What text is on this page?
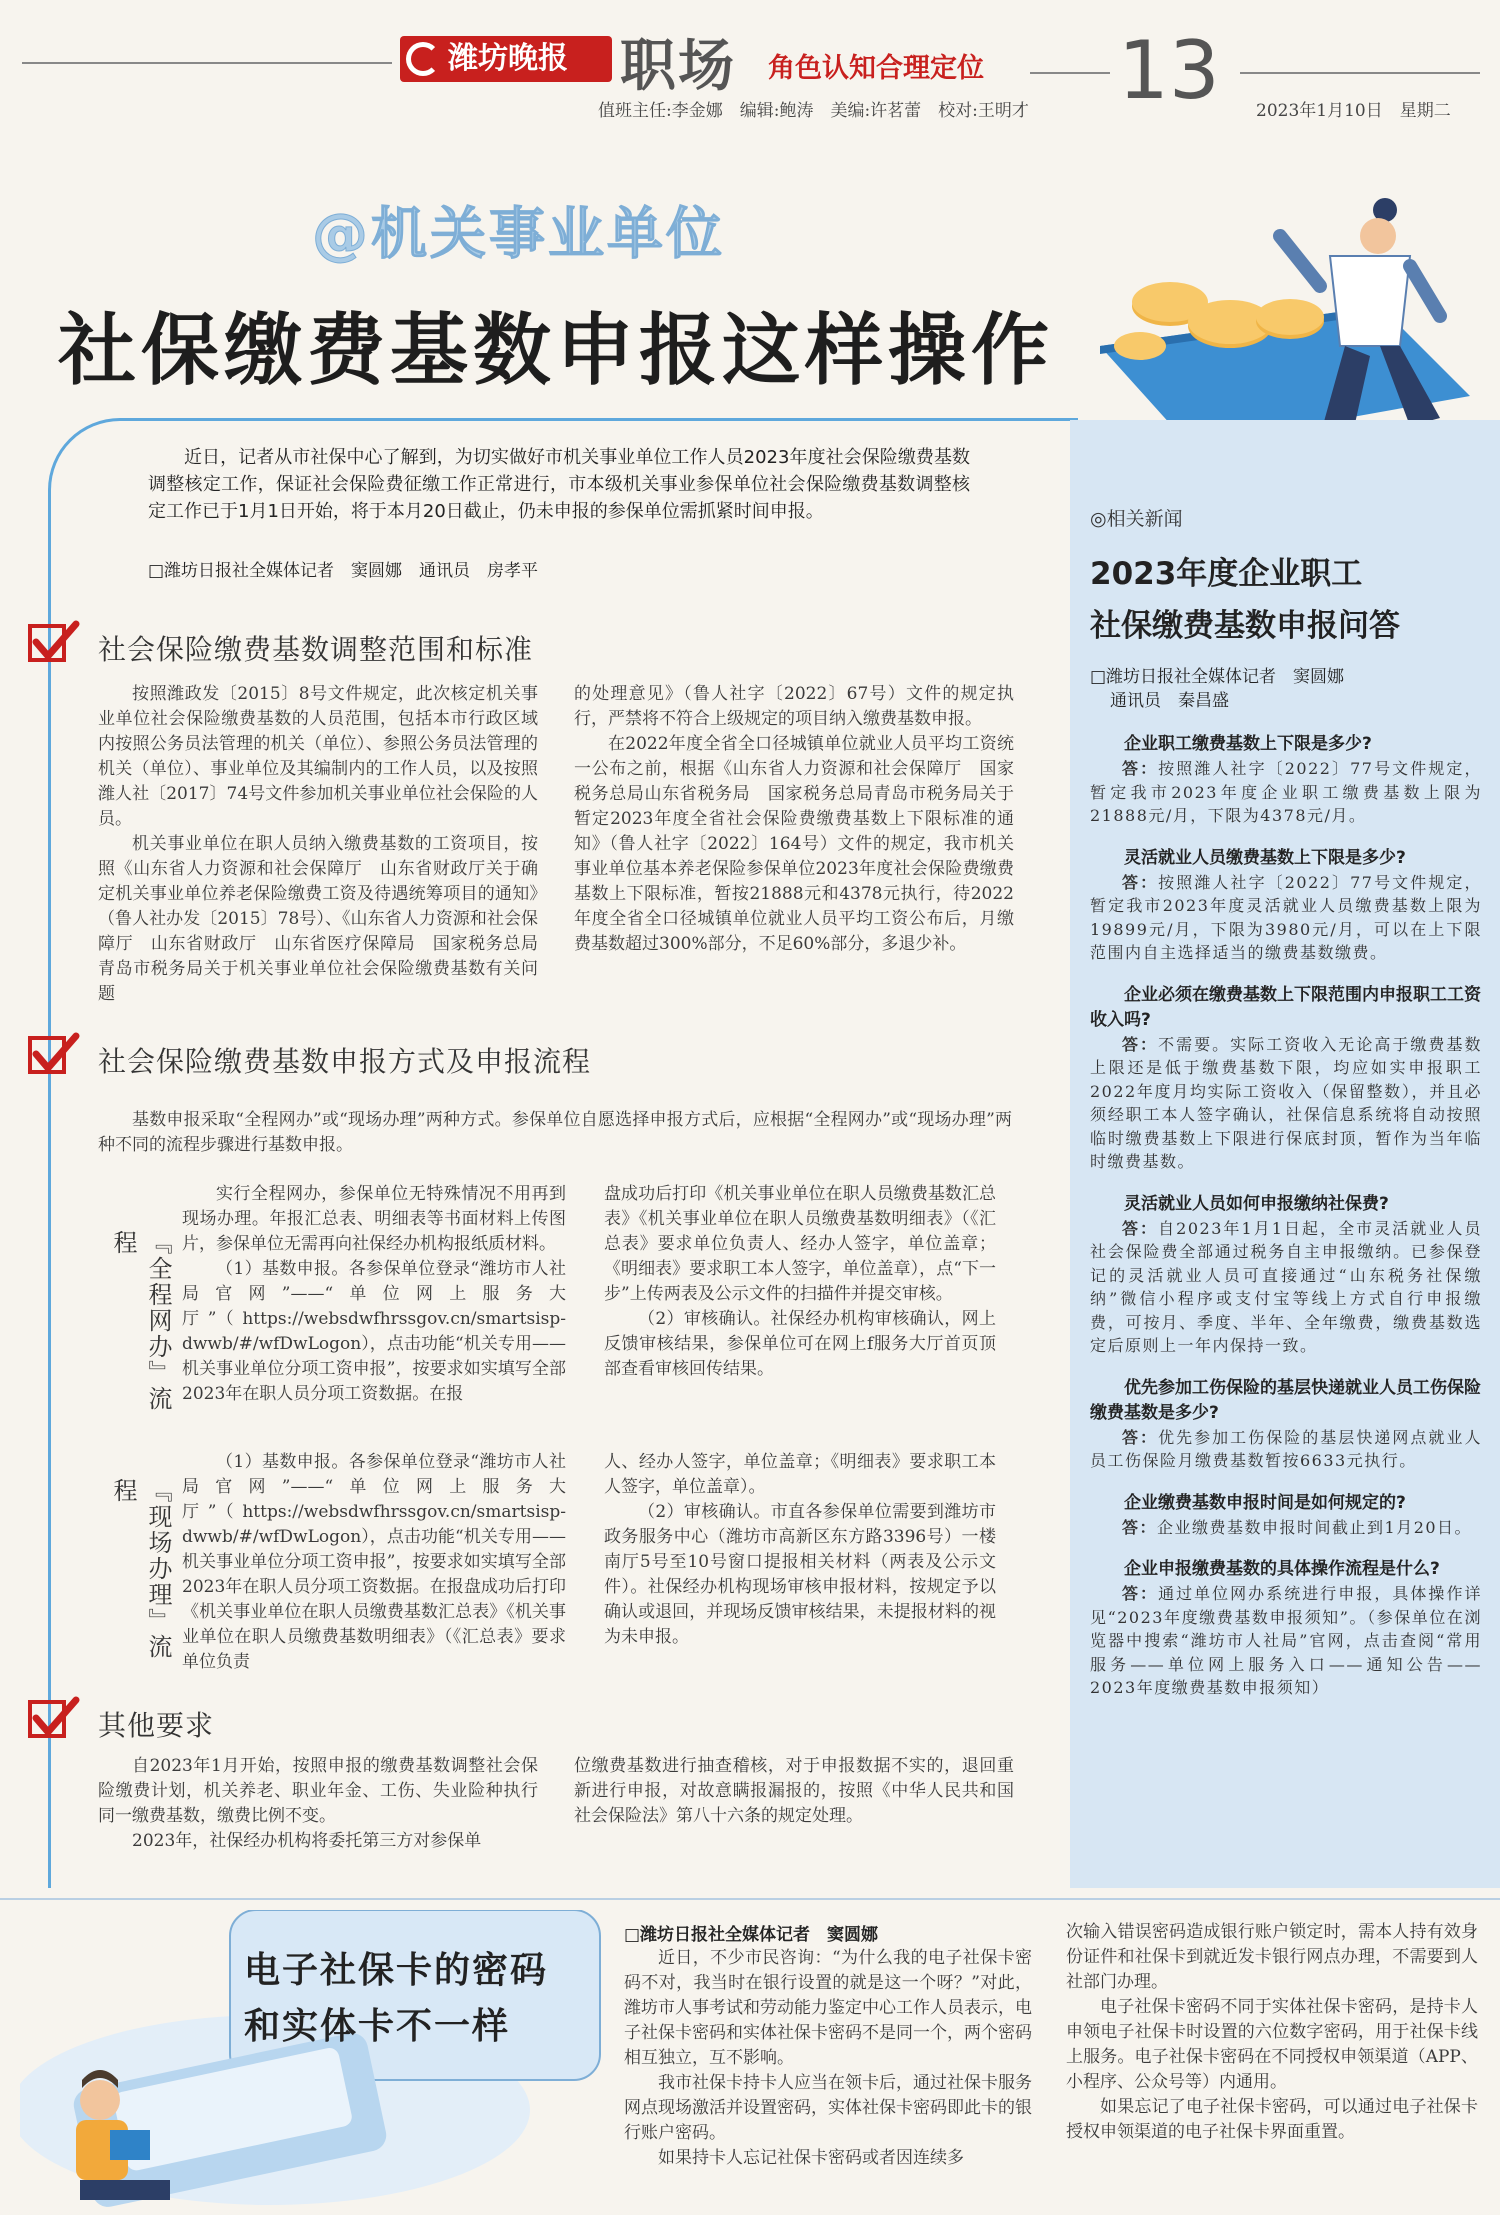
潍坊晚报 职场 角色认知合理定位 13
值班主任:李金娜　编辑:鲍涛　美编:许茗蕾　校对:王明才	2023年1月10日　星期二
@机关事业单位
社保缴费基数申报这样操作

近日，记者从市社保中心了解到，为切实做好市机关事业单位工作人员2023年度社会保险缴费基数调整核定工作，保证社会保险费征缴工作正常进行，市本级机关事业参保单位社会保险缴费基数调整核定工作已于1月1日开始，将于本月20日截止，仍未申报的参保单位需抓紧时间申报。

□潍坊日报社全媒体记者　窦圆娜　通讯员　房孝平
社会保险缴费基数调整范围和标准

按照潍政发〔2015〕8号文件规定，此次核定机关事业单位社会保险缴费基数的人员范围，包括本市行政区域内按照公务员法管理的机关（单位）、参照公务员法管理的机关（单位）、事业单位及其编制内的工作人员，以及按照潍人社〔2017〕74号文件参加机关事业单位社会保险的人员。

机关事业单位在职人员纳入缴费基数的工资项目，按照《山东省人力资源和社会保障厅　山东省财政厅关于确定机关事业单位养老保险缴费工资及待遇统筹项目的通知》（鲁人社办发〔2015〕78号）、《山东省人力资源和社会保障厅　山东省财政厅　山东省医疗保障局　国家税务总局青岛市税务局关于机关事业单位社会保险缴费基数有关问题

的处理意见》（鲁人社字〔2022〕67号）文件的规定执行，严禁将不符合上级规定的项目纳入缴费基数申报。

在2022年度全省全口径城镇单位就业人员平均工资统一公布之前，根据《山东省人力资源和社会保障厅　国家税务总局山东省税务局　国家税务总局青岛市税务局关于暂定2023年度全省社会保险费缴费基数上下限标准的通知》（鲁人社字〔2022〕164号）文件的规定，我市机关事业单位基本养老保险参保单位2023年度社会保险费缴费基数上下限标准，暂按21888元和4378元执行，待2022年度全省全口径城镇单位就业人员平均工资公布后，月缴费基数超过300%部分，不足60%部分，多退少补。

社会保险缴费基数申报方式及申报流程

基数申报采取“全程网办”或“现场办理”两种方式。参保单位自愿选择申报方式后，应根据“全程网办”或“现场办理”两种不同的流程步骤进行基数申报。

『全程网办』流程

实行全程网办，参保单位无特殊情况不用再到现场办理。年报汇总表、明细表等书面材料上传图片，参保单位无需再向社保经办机构报纸质材料。

（1）基数申报。各参保单位登录“潍坊市人社局官网”——“单位网上服务大厅”（https://websdwfhrssgov.cn/smartsisp-dwwb/#/wfDwLogon），点击功能“机关专用——机关事业单位分项工资申报”，按要求如实填写全部2023年在职人员分项工资数据。在报

盘成功后打印《机关事业单位在职人员缴费基数汇总表》《机关事业单位在职人员缴费基数明细表》（《汇总表》要求单位负责人、经办人签字，单位盖章；《明细表》要求职工本人签字，单位盖章），点“下一步”上传两表及公示文件的扫描件并提交审核。

（2）审核确认。社保经办机构审核确认，网上反馈审核结果，参保单位可在网上f服务大厅首页顶部查看审核回传结果。

『现场办理』流程

（1）基数申报。各参保单位登录“潍坊市人社局官网”——“单位网上服务大厅”（https://websdwfhrssgov.cn/smartsisp-dwwb/#/wfDwLogon），点击功能“机关专用——机关事业单位分项工资申报”，按要求如实填写全部2023年在职人员分项工资数据。在报盘成功后打印《机关事业单位在职人员缴费基数汇总表》《机关事业单位在职人员缴费基数明细表》（《汇总表》要求单位负责

人、经办人签字，单位盖章；《明细表》要求职工本人签字，单位盖章）。

（2）审核确认。市直各参保单位需要到潍坊市政务服务中心（潍坊市高新区东方路3396号）一楼南厅5号至10号窗口提报相关材料（两表及公示文件）。社保经办机构现场审核申报材料，按规定予以确认或退回，并现场反馈审核结果，未提报材料的视为未申报。

其他要求

自2023年1月开始，按照申报的缴费基数调整社会保险缴费计划，机关养老、职业年金、工伤、失业险种执行同一缴费基数，缴费比例不变。

2023年，社保经办机构将委托第三方对参保单

位缴费基数进行抽查稽核，对于申报数据不实的，退回重新进行申报，对故意瞒报漏报的，按照《中华人民共和国社会保险法》第八十六条的规定处理。

◎相关新闻
2023年度企业职工
社保缴费基数申报问答
□潍坊日报社全媒体记者　窦圆娜
通讯员　秦昌盛
企业职工缴费基数上下限是多少?
答：按照潍人社字〔2022〕77号文件规定，暂定我市2023年度企业职工缴费基数上限为21888元/月，下限为4378元/月。
灵活就业人员缴费基数上下限是多少?
答：按照潍人社字〔2022〕77号文件规定，暂定我市2023年度灵活就业人员缴费基数上限为19899元/月，下限为3980元/月，可以在上下限范围内自主选择适当的缴费基数缴费。
企业必须在缴费基数上下限范围内申报职工工资收入吗?
答：不需要。实际工资收入无论高于缴费基数上限还是低于缴费基数下限，均应如实申报职工2022年度月均实际工资收入（保留整数），并且必须经职工本人签字确认，社保信息系统将自动按照临时缴费基数上下限进行保底封顶，暂作为当年临时缴费基数。
灵活就业人员如何申报缴纳社保费?
答：自2023年1月1日起，全市灵活就业人员社会保险费全部通过税务自主申报缴纳。已参保登记的灵活就业人员可直接通过“山东税务社保缴纳”微信小程序或支付宝等线上方式自行申报缴费，可按月、季度、半年、全年缴费，缴费基数选定后原则上一年内保持一致。
优先参加工伤保险的基层快递就业人员工伤保险缴费基数是多少?
答：优先参加工伤保险的基层快递网点就业人员工伤保险月缴费基数暂按6633元执行。
企业缴费基数申报时间是如何规定的?
答：企业缴费基数申报时间截止到1月20日。
企业申报缴费基数的具体操作流程是什么?
答：通过单位网办系统进行申报，具体操作详见“2023年度缴费基数申报须知”。（参保单位在浏览器中搜索“潍坊市人社局”官网，点击查阅“常用服务——单位网上服务入口——通知公告——2023年度缴费基数申报须知）
电子社保卡的密码
和实体卡不一样
□潍坊日报社全媒体记者　窦圆娜

近日，不少市民咨询：“为什么我的电子社保卡密码不对，我当时在银行设置的就是这一个呀？”对此，潍坊市人事考试和劳动能力鉴定中心工作人员表示，电子社保卡密码和实体社保卡密码不是同一个，两个密码相互独立，互不影响。

我市社保卡持卡人应当在领卡后，通过社保卡服务网点现场激活并设置密码，实体社保卡密码即此卡的银行账户密码。

如果持卡人忘记社保卡密码或者因连续多

次输入错误密码造成银行账户锁定时，需本人持有效身份证件和社保卡到就近发卡银行网点办理，不需要到人社部门办理。

电子社保卡密码不同于实体社保卡密码，是持卡人申领电子社保卡时设置的六位数字密码，用于社保卡线上服务。电子社保卡密码在不同授权申领渠道（APP、小程序、公众号等）内通用。

如果忘记了电子社保卡密码，可以通过电子社保卡授权申领渠道的电子社保卡界面重置。
